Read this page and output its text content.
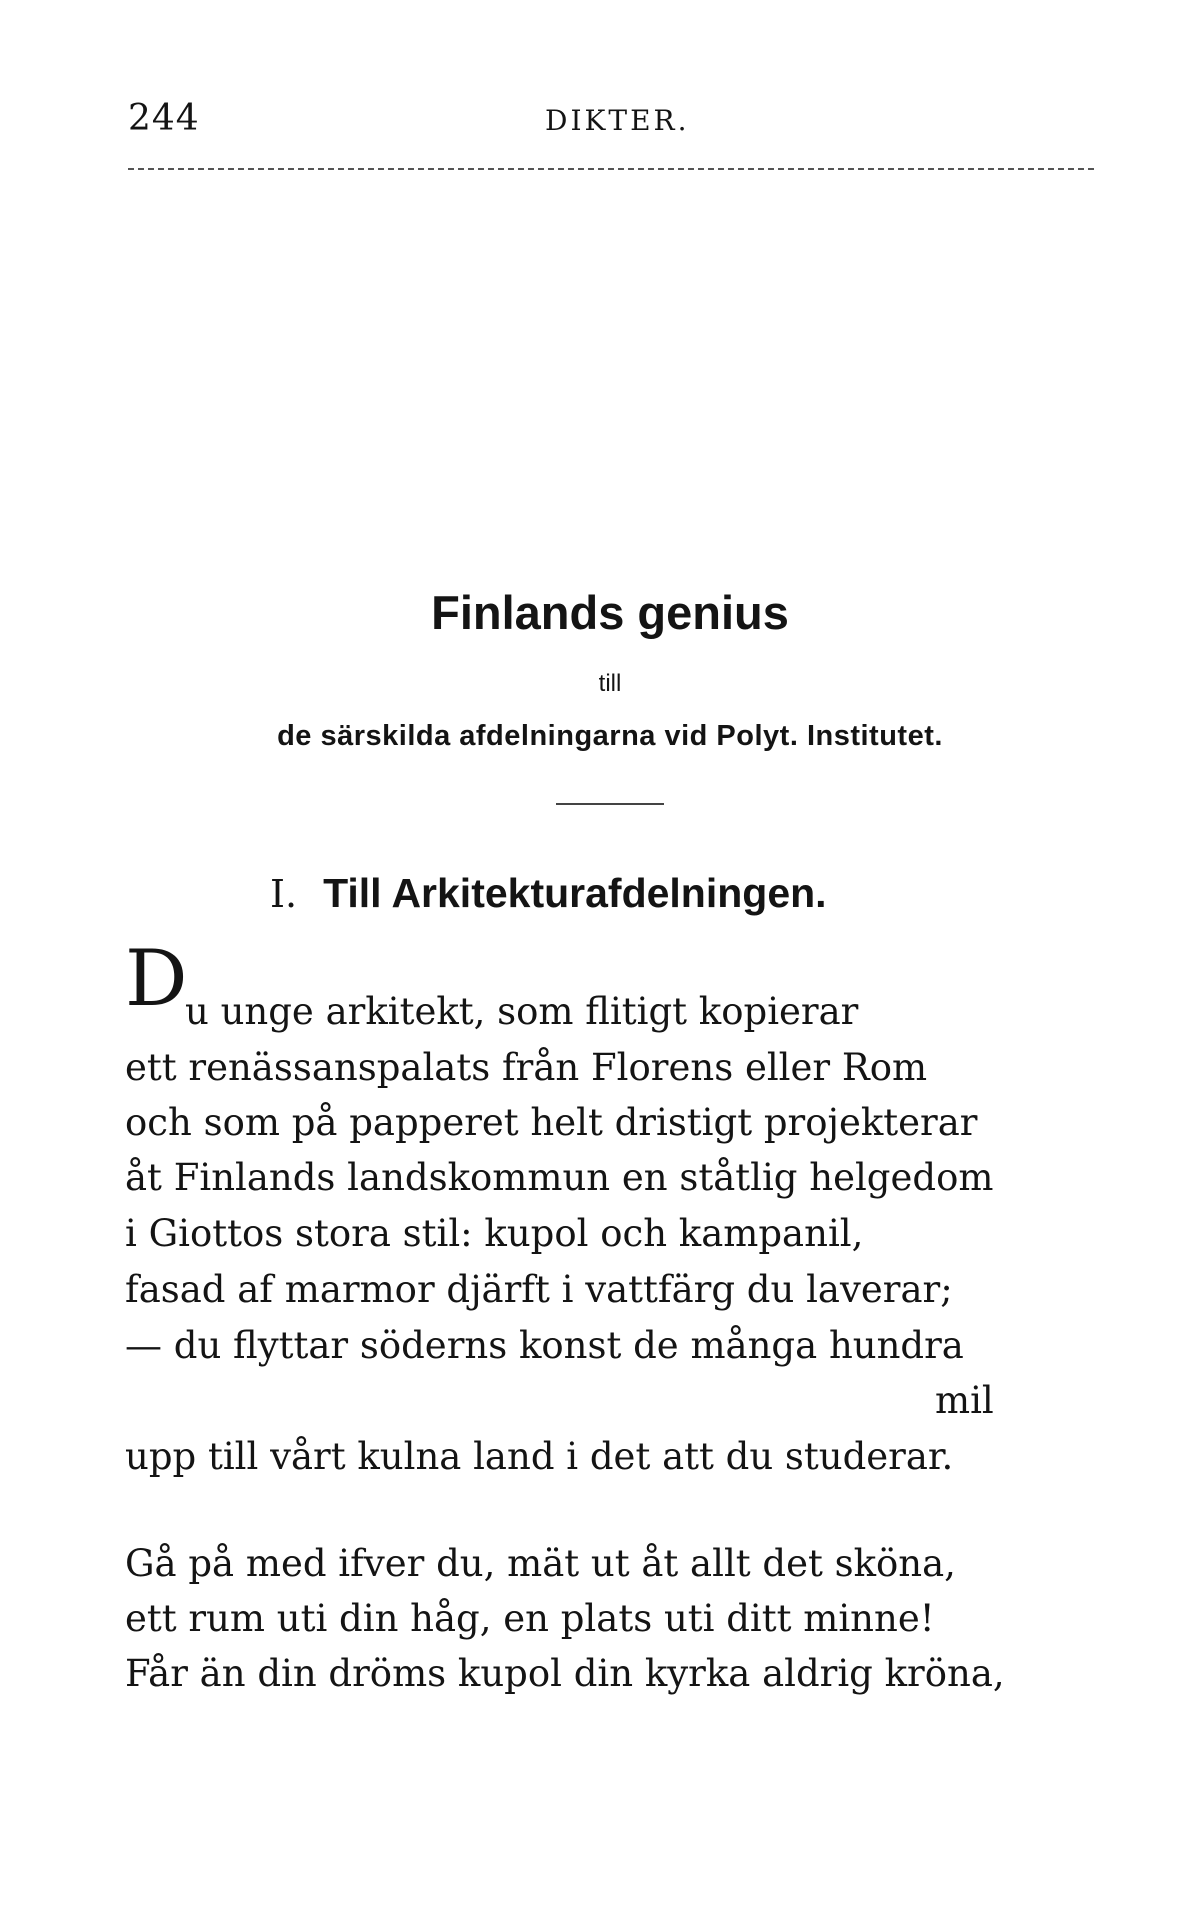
244	DIKTER.
Finlands genius
till
de särskilda afdelningarna vid Polyt. Institutet.
I. Till Arkitekturafdelningen.
D
u unge arkitekt, som flitigt kopierar
ett renässanspalats från Florens eller Rom
och som på papperet helt dristigt projekterar
åt Finlands landskommun en ståtlig helgedom
i Giottos stora stil: kupol och kampanil,
fasad af marmor djärft i vattfärg du laverar;
— du flyttar söderns konst de många hundra
mil
upp till vårt kulna land i det att du studerar.
Gå på med ifver du, mät ut åt allt det sköna,
ett rum uti din håg, en plats uti ditt minne!
Får än din dröms kupol din kyrka aldrig kröna,
